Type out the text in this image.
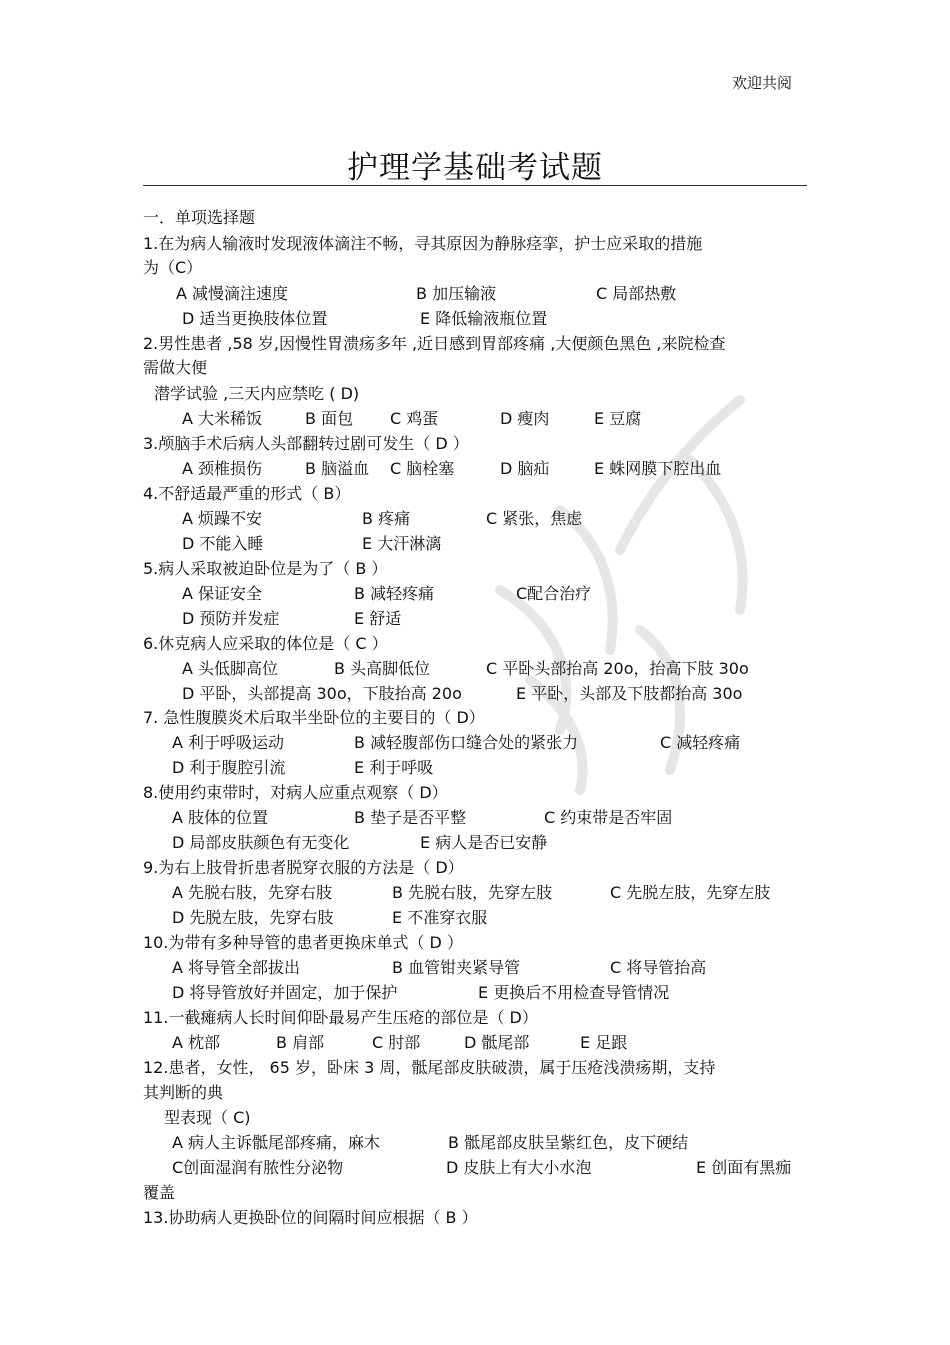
欢迎共阅
护理学基础考试题
1.在为病人输液时发现液体滴注不畅，寻其原因为静脉痉挛，护士应采取的措施
为（C）
A 减慢滴注速度	B 加压输液	C 局部热敷
D 适当更换肢体位置	E 降低输液瓶位置
2.男性患者 ,58 岁,因慢性胃溃疡多年 ,近日感到胃部疼痛 ,大便颜色黑色 ,来院检查
需做大便
潜学试验 ,三天内应禁吃 ( D)
A 大米稀饭	B 面包 C 鸡蛋	D 瘦肉	E 豆腐
3.颅脑手术后病人头部翻转过剧可发生（ D ）
A 颈椎损伤	B 脑溢血 C 脑栓塞	D 脑疝	E 蛛网膜下腔出血
4.不舒适最严重的形式（ B）
A 烦躁不安	B 疼痛	C 紧张，焦虑
D 不能入睡	E 大汗淋漓
5.病人采取被迫卧位是为了（ B ）
A 保证安全	B 减轻疼痛	C配合治疗
D 预防并发症	E 舒适
6.休克病人应采取的体位是（ C ）
A 头低脚高位	B 头高脚低位	C 平卧头部抬高 20o，抬高下肢 30o
D 平卧，头部提高 30o，下肢抬高 20o	E 平卧，头部及下肢都抬高 30o
7. 急性腹膜炎术后取半坐卧位的主要目的（ D）
A 利于呼吸运动	B 减轻腹部伤口缝合处的紧张力	C 减轻疼痛
D 利于腹腔引流	E 利于呼吸
8.使用约束带时，对病人应重点观察（ D）
A 肢体的位置	B 垫子是否平整	C 约束带是否牢固
D 局部皮肤颜色有无变化	E 病人是否已安静
9.为右上肢骨折患者脱穿衣服的方法是（ D）
A 先脱右肢，先穿右肢	B 先脱右肢，先穿左肢	C 先脱左肢，先穿左肢
D 先脱左肢，先穿右肢	E 不准穿衣服
10.为带有多种导管的患者更换床单式（ D ）
A 将导管全部拔出	B 血管钳夹紧导管	C 将导管抬高
D 将导管放好并固定，加于保护	E 更换后不用检查导管情况
11.一截瘫病人长时间仰卧最易产生压疮的部位是（ D）
A 枕部	B 肩部	C 肘部	D 骶尾部	E 足跟
12.患者，女性， 65 岁，卧床 3 周，骶尾部皮肤破溃，属于压疮浅溃疡期，支持
其判断的典
型表现（ C)
A 病人主诉骶尾部疼痛，麻木	B 骶尾部皮肤呈紫红色，皮下硬结
C创面湿润有脓性分泌物	D 皮肤上有大小水泡	E 创面有黑痂
覆盖
13.协助病人更换卧位的间隔时间应根据（ B ）
一．单项选择题
